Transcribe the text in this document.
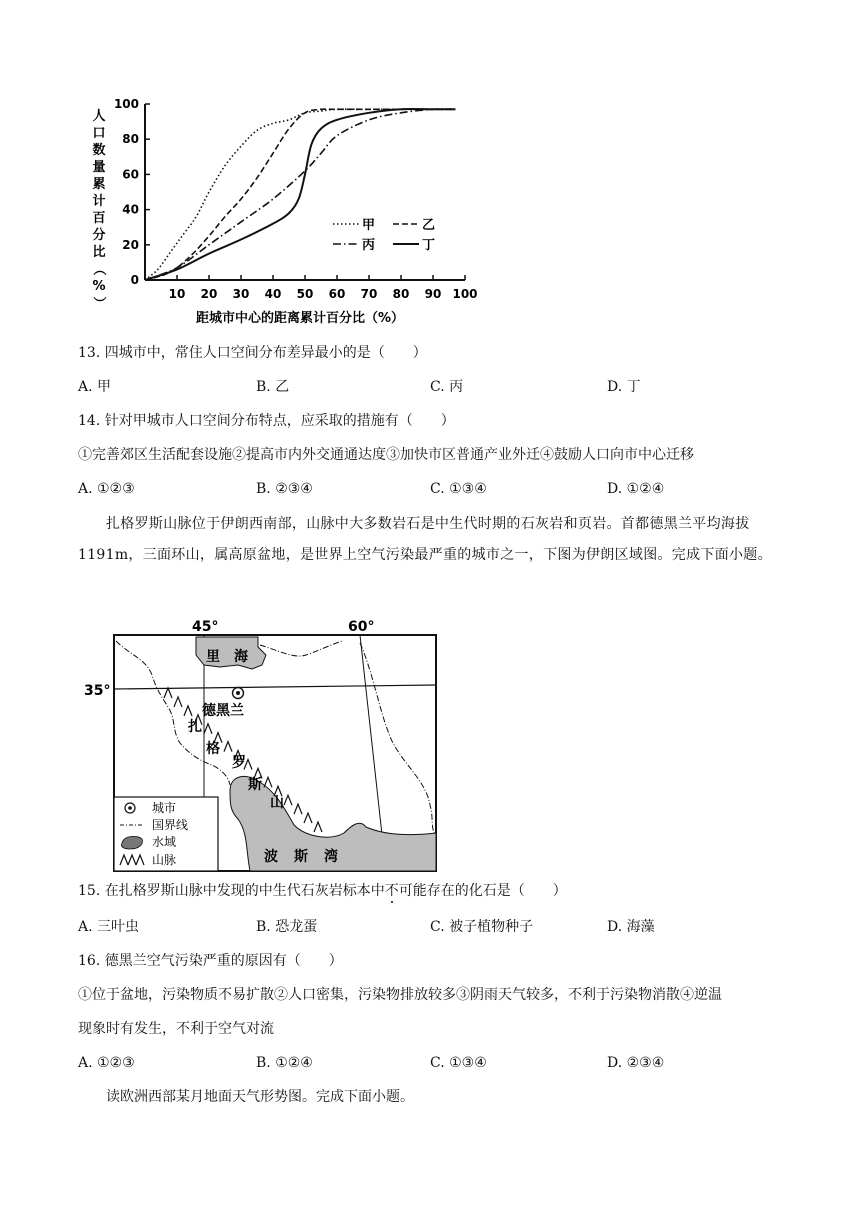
人
口
数
量
累
计
百
分
比
（
%
）
0
20
40
60
80
100
10 20 30 40 50 60 70 80 90 100
甲	乙
丙	丁
距城市中心的距离累计百分比（%）
13. 四城市中，常住人口空间分布差异最小的是（　　）
A. 甲	B. 乙	C. 丙	D. 丁
14. 针对甲城市人口空间分布特点，应采取的措施有（　　）
①完善郊区生活配套设施②提高市内外交通通达度③加快市区普通产业外迁④鼓励人口向市中心迁移
A. ①②③	B. ②③④	C. ①③④	D. ①②④
扎格罗斯山脉位于伊朗西南部，山脉中大多数岩石是中生代时期的石灰岩和页岩。首都德黑兰平均海拔 1191m，三面环山，属高原盆地，是世界上空气污染最严重的城市之一，下图为伊朗区域图。完成下面小题。
里 海
德黑兰
扎
格
罗
斯
山
波 斯 湾
45°	60°
35°
城市
国界线
水域
山脉
15. 在扎格罗斯山脉中发现的中生代石灰岩标本中不可能存在的化石是（　　）
A. 三叶虫	B. 恐龙蛋	C. 被子植物种子	D. 海藻
16. 德黑兰空气污染严重的原因有（　　）
①位于盆地，污染物质不易扩散②人口密集，污染物排放较多③阴雨天气较多，不利于污染物消散④逆温
现象时有发生，不利于空气对流
A. ①②③	B. ①②④	C. ①③④	D. ②③④
读欧洲西部某月地面天气形势图。完成下面小题。
